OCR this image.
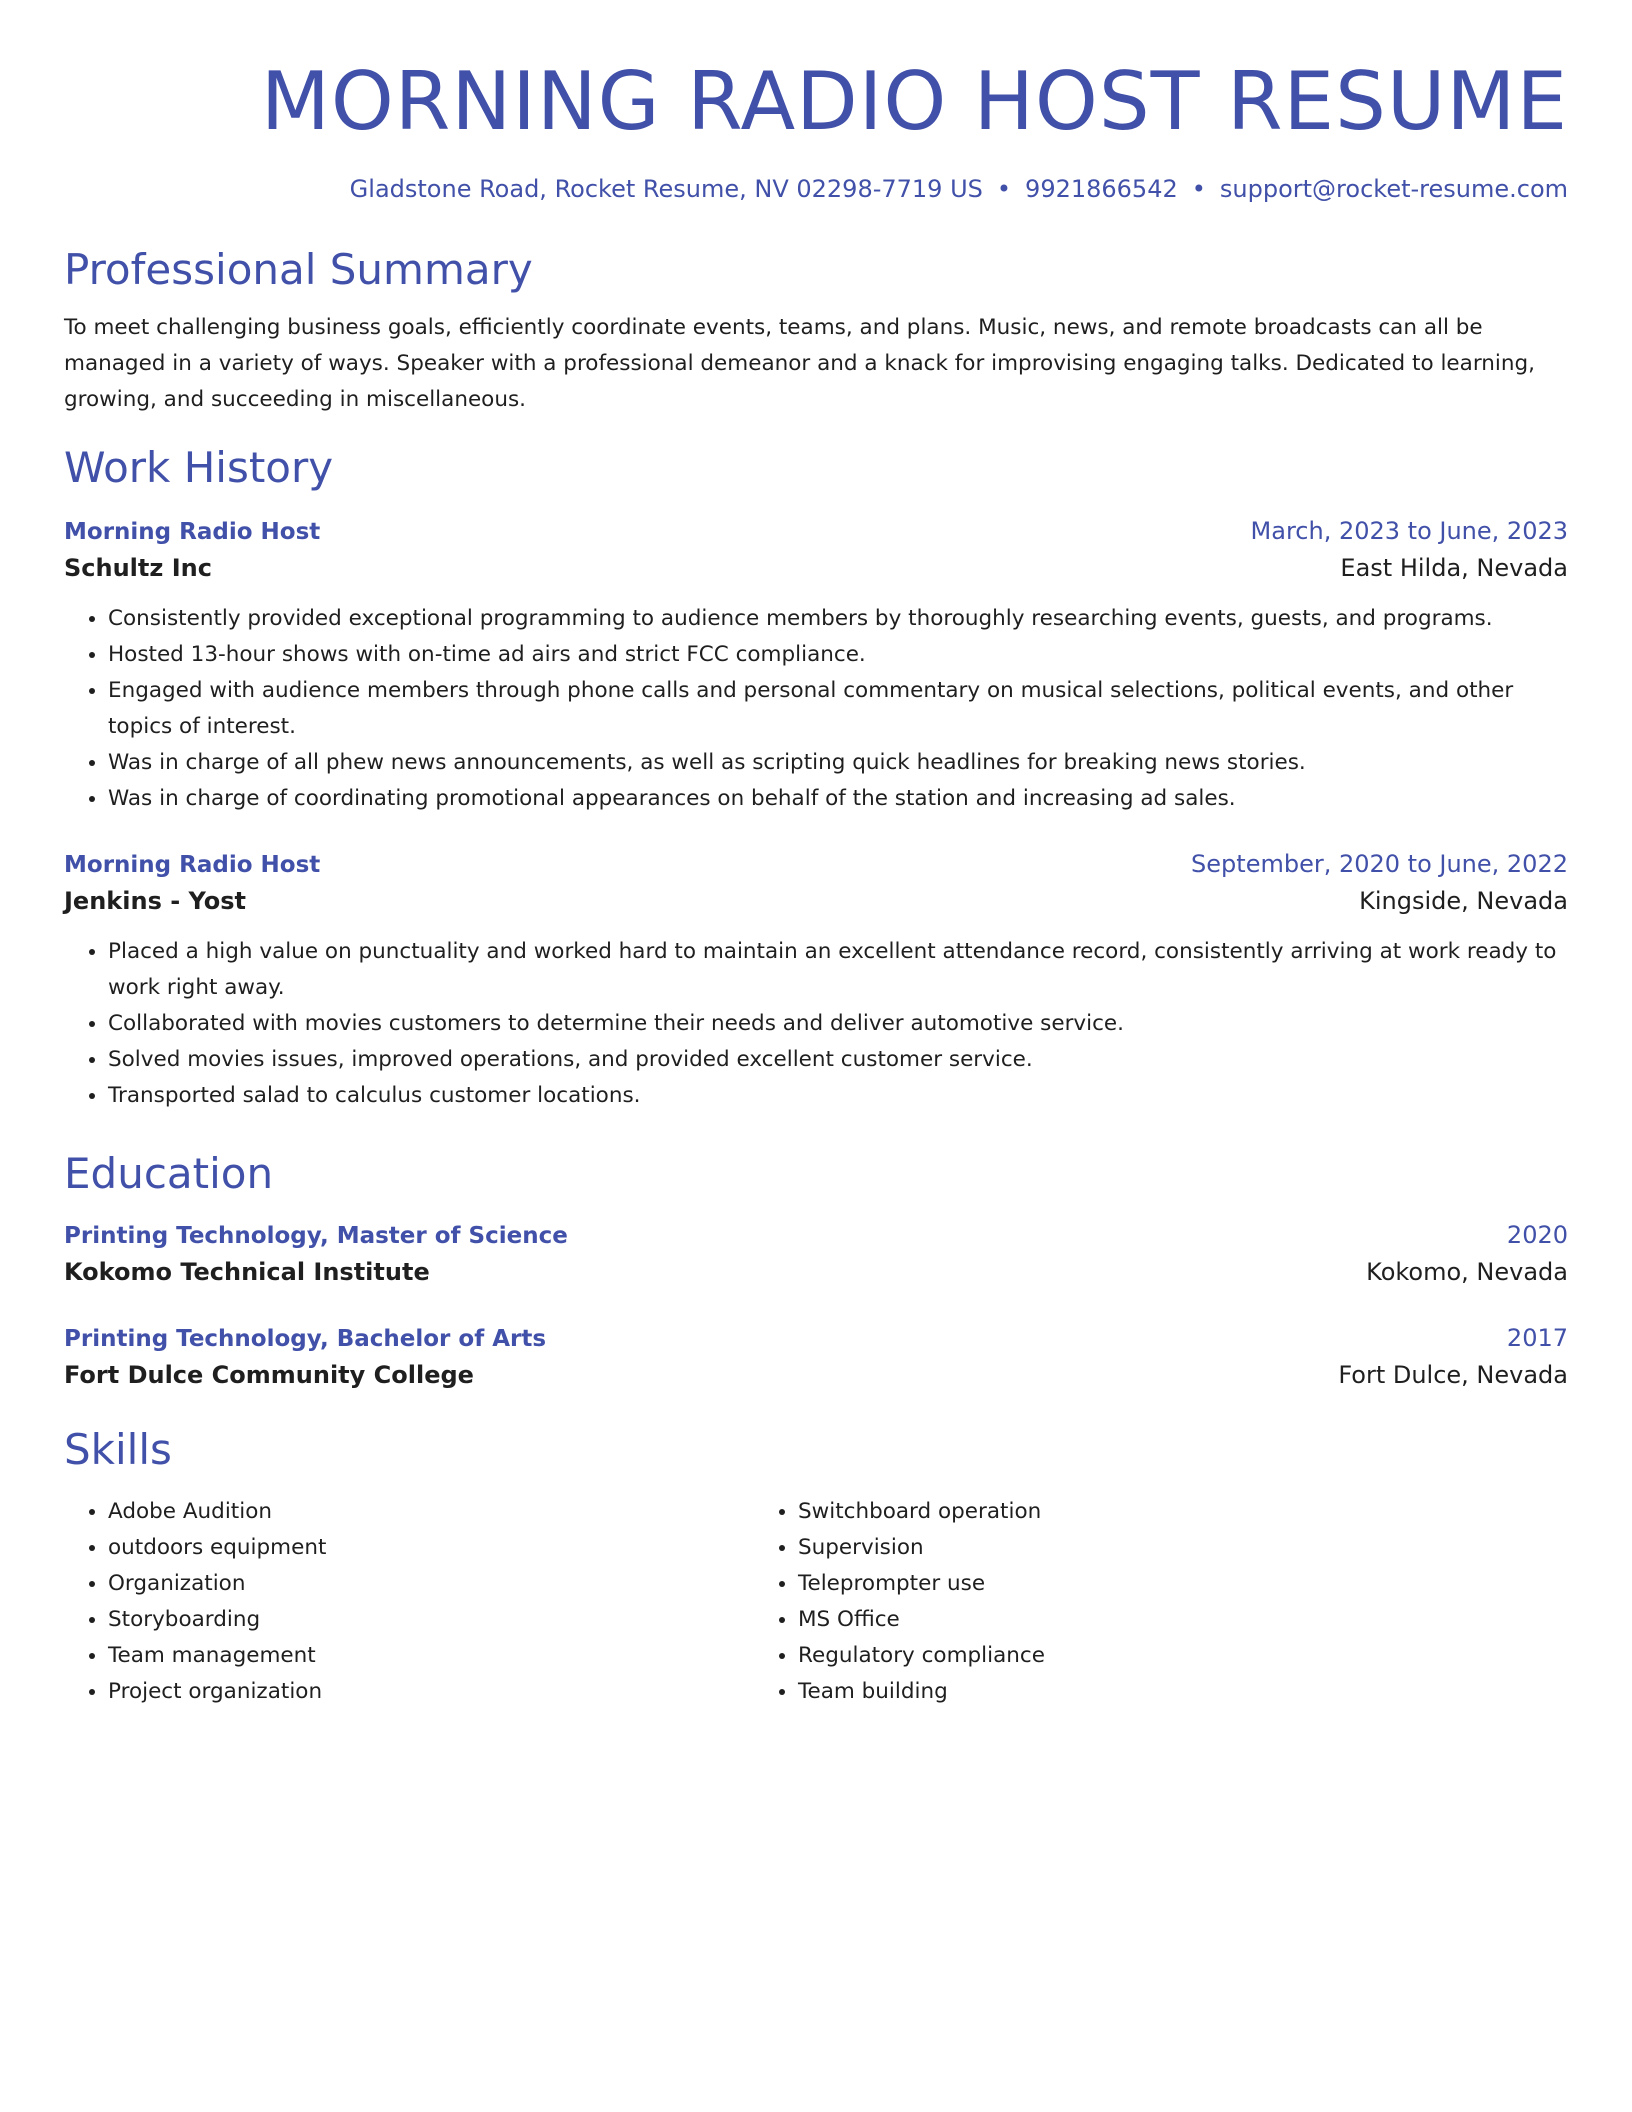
MORNING RADIO HOST RESUME
Gladstone Road, Rocket Resume, NV 02298-7719 US • 9921866542 • support@rocket-resume.com
Professional Summary

To meet challenging business goals, efficiently coordinate events, teams, and plans. Music, news, and remote broadcasts can all be managed in a variety of ways. Speaker with a professional demeanor and a knack for improvising engaging talks. Dedicated to learning, growing, and succeeding in miscellaneous.

Work History
Morning Radio Host	March, 2023 to June, 2023
Schultz Inc	East Hilda, Nevada
• Consistently provided exceptional programming to audience members by thoroughly researching events, guests, and programs.
• Hosted 13-hour shows with on-time ad airs and strict FCC compliance.
• Engaged with audience members through phone calls and personal commentary on musical selections, political events, and other topics of interest.
• Was in charge of all phew news announcements, as well as scripting quick headlines for breaking news stories.
• Was in charge of coordinating promotional appearances on behalf of the station and increasing ad sales.
Morning Radio Host	September, 2020 to June, 2022
Jenkins - Yost	Kingside, Nevada
• Placed a high value on punctuality and worked hard to maintain an excellent attendance record, consistently arriving at work ready to work right away.
• Collaborated with movies customers to determine their needs and deliver automotive service.
• Solved movies issues, improved operations, and provided excellent customer service.
• Transported salad to calculus customer locations.
Education
Printing Technology, Master of Science	2020
Kokomo Technical Institute	Kokomo, Nevada
Printing Technology, Bachelor of Arts	2017
Fort Dulce Community College	Fort Dulce, Nevada
Skills
• Adobe Audition
• outdoors equipment
• Organization
• Storyboarding
• Team management
• Project organization
• Switchboard operation
• Supervision
• Teleprompter use
• MS Office
• Regulatory compliance
• Team building
